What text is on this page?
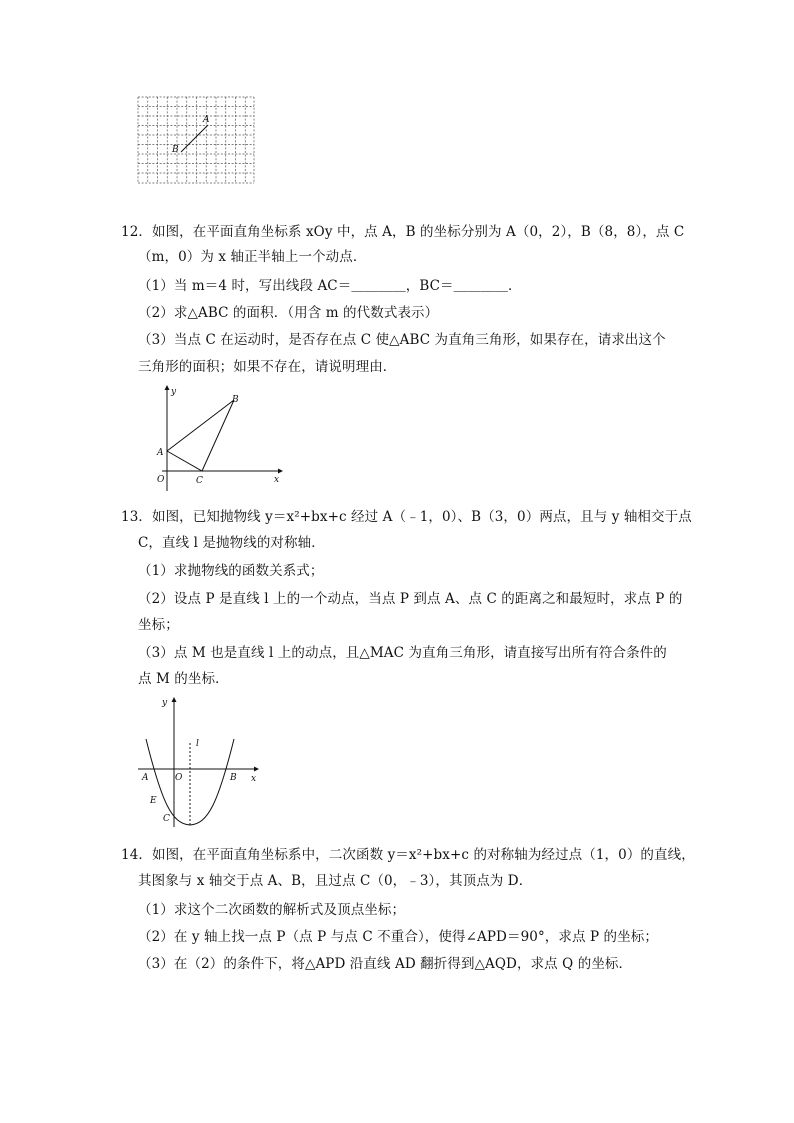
A
B
12．如图，在平面直角坐标系 xOy 中，点 A，B 的坐标分别为 A（0，2），B（8，8），点 C
（m，0）为 x 轴正半轴上一个动点．
（1）当 m＝4 时，写出线段 AC＝＿＿＿＿，BC＝＿＿＿＿．
（2）求△ABC 的面积．（用含 m 的代数式表示）
（3）当点 C 在运动时，是否存在点 C 使△ABC 为直角三角形，如果存在，请求出这个
三角形的面积；如果不存在，请说明理由．
y
x
O
A
B
C
13．如图，已知抛物线 y＝x²+bx+c 经过 A（﹣1，0）、B（3，0）两点，且与 y 轴相交于点
C，直线 l 是抛物线的对称轴．
（1）求抛物线的函数关系式；
（2）设点 P 是直线 l 上的一个动点，当点 P 到点 A、点 C 的距离之和最短时，求点 P 的
坐标；
（3）点 M 也是直线 l 上的动点，且△MAC 为直角三角形，请直接写出所有符合条件的
点 M 的坐标．
y
x
O
A	B
C
E
l
14．如图，在平面直角坐标系中，二次函数 y＝x²+bx+c 的对称轴为经过点（1，0）的直线，
其图象与 x 轴交于点 A、B，且过点 C（0，﹣3），其顶点为 D．
（1）求这个二次函数的解析式及顶点坐标；
（2）在 y 轴上找一点 P（点 P 与点 C 不重合），使得∠APD＝90°，求点 P 的坐标；
（3）在（2）的条件下，将△APD 沿直线 AD 翻折得到△AQD，求点 Q 的坐标．
